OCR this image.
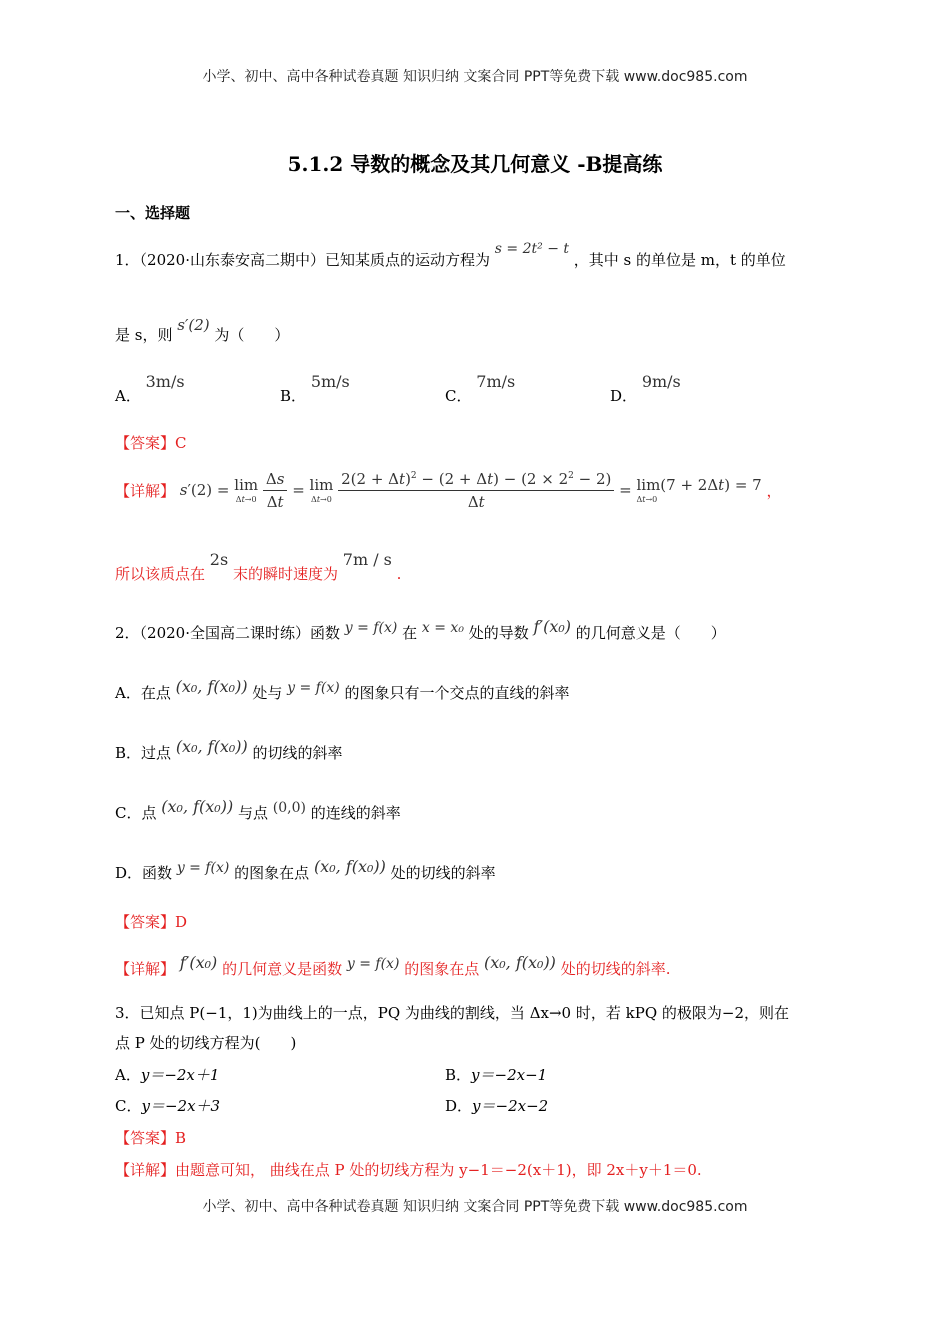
小学、初中、高中各种试卷真题 知识归纳 文案合同 PPT等免费下载 www.doc985.com
5.1.2 导数的概念及其几何意义 -B提高练
一、选择题
1．（2020·山东泰安高二期中）已知某质点的运动方程为 s = 2t² − t ，其中 s 的单位是 m，t 的单位
是 s，则 s′(2) 为（　　）
A． 3m/s
B． 5m/s
C． 7m/s
D． 9m/s
【答案】C
【详解】 s′(2) = lim
Δt→0
$\frac{\Delta s}{\Delta t} = \lim$
Δt→0
$\frac{2(2 + \Delta t)^2 - (2 + \Delta t) - (2 \times 2^2 - 2)}{\Delta t} = \lim(7 + 2\Delta t) = 7$
Δt→0	，
所以该质点在 2s 末的瞬时速度为 7m / s .
2．（2020·全国高二课时练）函数 y = f(x) 在 x = x₀ 处的导数 f′(x₀) 的几何意义是（　　）
A．在点 (x₀, f(x₀)) 处与 y = f(x) 的图象只有一个交点的直线的斜率
B．过点 (x₀, f(x₀)) 的切线的斜率
C．点 (x₀, f(x₀)) 与点 (0,0) 的连线的斜率
D．函数 y = f(x) 的图象在点 (x₀, f(x₀)) 处的切线的斜率
【答案】D
【详解】 f′(x₀) 的几何意义是函数 y = f(x) 的图象在点 (x₀, f(x₀)) 处的切线的斜率.
3．已知点 P(−1，1)为曲线上的一点，PQ 为曲线的割线，当 Δx→0 时，若 kPQ 的极限为−2，则在
点 P 处的切线方程为(　　)
A．y＝−2x＋1	B．y＝−2x−1
C．y＝−2x＋3	D．y＝−2x−2
【答案】B
【详解】由题意可知， 曲线在点 P 处的切线方程为 y−1＝−2(x＋1)，即 2x＋y＋1＝0.
小学、初中、高中各种试卷真题 知识归纳 文案合同 PPT等免费下载 www.doc985.com
